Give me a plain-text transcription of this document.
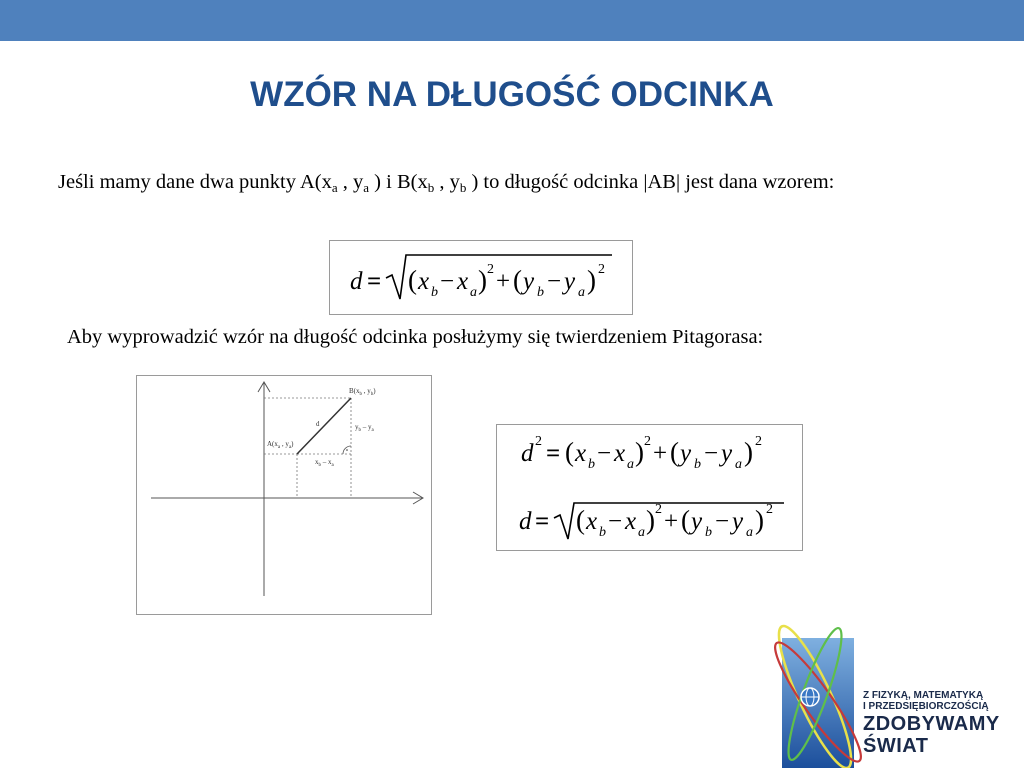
WZÓR NA DŁUGOŚĆ ODCINKA
Jeśli mamy dane dwa punkty $A(x_a$ , $y_a$ ) i $B(x_b$ , $y_b$ ) to długość odcinka |AB| jest dana wzorem:
d = ( x b − x a ) 2 + ( y b − y a ) 2
Aby wyprowadzić wzór na długość odcinka posłużymy się twierdzeniem Pitagorasa:
$B(x_b$ , $y_b$)
$A(x_a$ , $y_a$)
d	$y_b - y_a$
$x_b - x_a$	d 2 = ( x b − x a ) 2 + ( y b − y a ) 2
d = ( x b − x a ) 2 + ( y b − y a ) 2
Z FIZYKĄ, MATEMATYKĄ
I PRZEDSIĘBIORCZOŚCIĄ
ZDOBYWAMY
ŚWIAT
